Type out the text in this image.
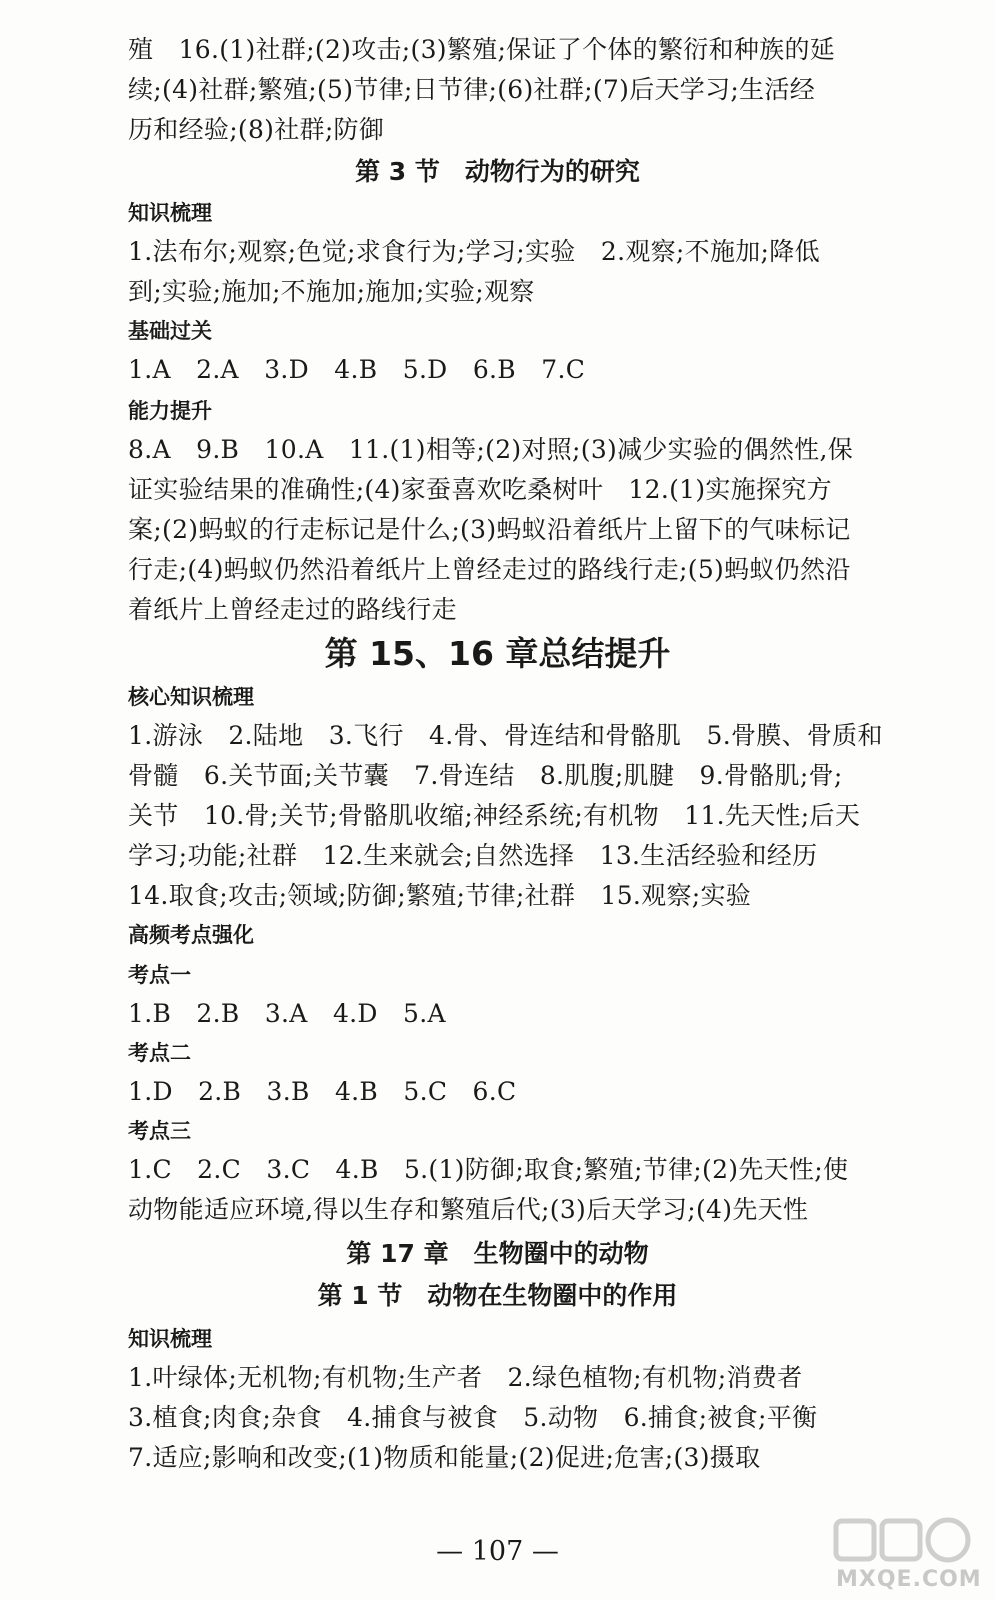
殖　16.(1)社群;(2)攻击;(3)繁殖;保证了个体的繁衍和种族的延
续;(4)社群;繁殖;(5)节律;日节律;(6)社群;(7)后天学习;生活经
历和经验;(8)社群;防御
第 3 节　动物行为的研究
知识梳理
1.法布尔;观察;色觉;求食行为;学习;实验　2.观察;不施加;降低
到;实验;施加;不施加;施加;实验;观察
基础过关
1.A　2.A　3.D　4.B　5.D　6.B　7.C
能力提升
8.A　9.B　10.A　11.(1)相等;(2)对照;(3)减少实验的偶然性,保
证实验结果的准确性;(4)家蚕喜欢吃桑树叶　12.(1)实施探究方
案;(2)蚂蚁的行走标记是什么;(3)蚂蚁沿着纸片上留下的气味标记
行走;(4)蚂蚁仍然沿着纸片上曾经走过的路线行走;(5)蚂蚁仍然沿
着纸片上曾经走过的路线行走
第 15、16 章总结提升
核心知识梳理
1.游泳　2.陆地　3.飞行　4.骨、骨连结和骨骼肌　5.骨膜、骨质和
骨髓　6.关节面;关节囊　7.骨连结　8.肌腹;肌腱　9.骨骼肌;骨;
关节　10.骨;关节;骨骼肌收缩;神经系统;有机物　11.先天性;后天
学习;功能;社群　12.生来就会;自然选择　13.生活经验和经历
14.取食;攻击;领域;防御;繁殖;节律;社群　15.观察;实验
高频考点强化
考点一
1.B　2.B　3.A　4.D　5.A
考点二
1.D　2.B　3.B　4.B　5.C　6.C
考点三
1.C　2.C　3.C　4.B　5.(1)防御;取食;繁殖;节律;(2)先天性;使
动物能适应环境,得以生存和繁殖后代;(3)后天学习;(4)先天性
第 17 章　生物圈中的动物
第 1 节　动物在生物圈中的作用
知识梳理
1.叶绿体;无机物;有机物;生产者　2.绿色植物;有机物;消费者
3.植食;肉食;杂食　4.捕食与被食　5.动物　6.捕食;被食;平衡
7.适应;影响和改变;(1)物质和能量;(2)促进;危害;(3)摄取
— 107 —
MXQE.COM
